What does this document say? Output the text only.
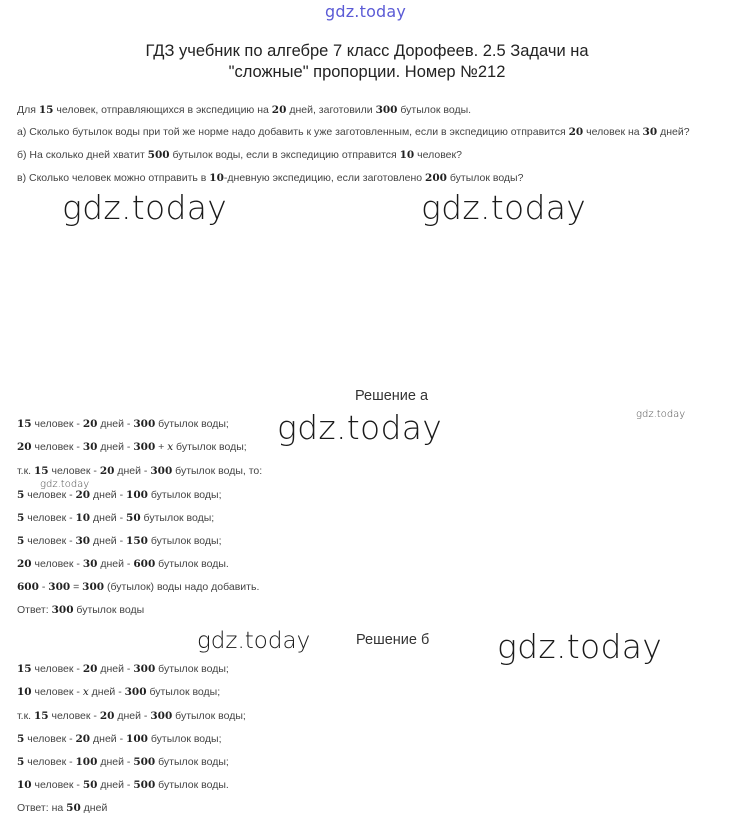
gdz.today
ГДЗ учебник по алгебре 7 класс Дорофеев. 2.5 Задачи на
"сложные" пропорции. Номер №212
Для 15 человек, отправляющихся в экспедицию на 20 дней, заготовили 300 бутылок воды.
а) Сколько бутылок воды при той же норме надо добавить к уже заготовленным, если в экспедицию отправится 20 человек на 30 дней?
б) На сколько дней хватит 500 бутылок воды, если в экспедицию отправится 10 человек?
в) Сколько человек можно отправить в 10-дневную экспедицию, если заготовлено 200 бутылок воды?
gdz.today	gdz.today
Решение а
gdz.today	gdz.today
15 человек - 20 дней - 300 бутылок воды;
20 человек - 30 дней - 300 + x бутылок воды;
т.к. 15 человек - 20 дней - 300 бутылок воды, то:
gdz.today
5 человек - 20 дней - 100 бутылок воды;
5 человек - 10 дней - 50 бутылок воды;
5 человек - 30 дней - 150 бутылок воды;
20 человек - 30 дней - 600 бутылок воды.
600 - 300 = 300 (бутылок) воды надо добавить.
Ответ: 300 бутылок воды
gdz.today	Решение б gdz.today
15 человек - 20 дней - 300 бутылок воды;
10 человек - x дней - 300 бутылок воды;
т.к. 15 человек - 20 дней - 300 бутылок воды;
5 человек - 20 дней - 100 бутылок воды;
5 человек - 100 дней - 500 бутылок воды;
10 человек - 50 дней - 500 бутылок воды.
Ответ: на 50 дней
